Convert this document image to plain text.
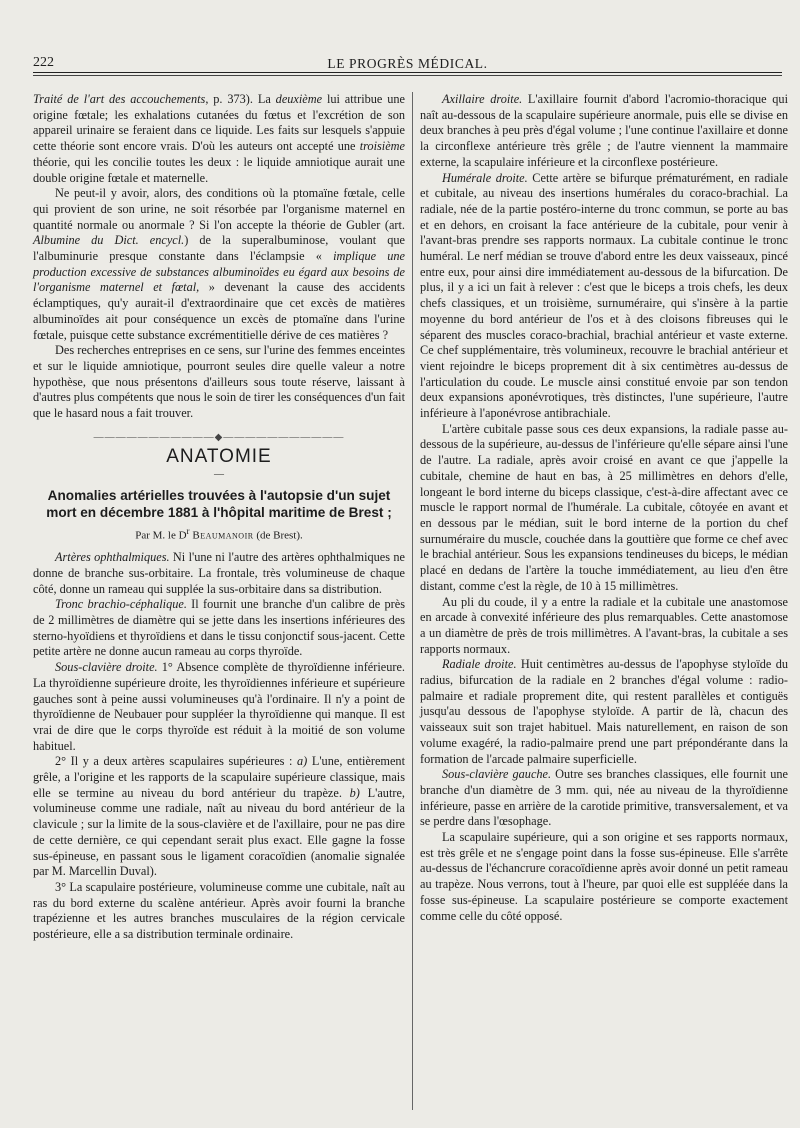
222	LE PROGRÈS MÉDICAL.

Traité de l'art des accouchements, p. 373). La deuxième lui attribue une origine fœtale; les exhalations cutanées du fœtus et l'excrétion de son appareil urinaire se feraient dans ce liquide. Les faits sur lesquels s'appuie cette théorie sont encore vrais. D'où les auteurs ont accepté une troisième théorie, qui les concilie toutes les deux : le liquide amniotique aurait une double origine fœtale et maternelle.

Ne peut-il y avoir, alors, des conditions où la ptomaïne fœtale, celle qui provient de son urine, ne soit résorbée par l'organisme maternel en quantité normale ou anormale ? Si l'on accepte la théorie de Gubler (art. Albumine du Dict. encycl.) de la superalbuminose, voulant que l'albuminurie presque constante dans l'éclampsie « implique une production excessive de substances albuminoïdes eu égard aux besoins de l'organisme maternel et fœtal, » devenant la cause des accidents éclamptiques, qu'y aurait-il d'extraordinaire que cet excès de matières albuminoïdes ait pour conséquence un excès de ptomaïne dans l'urine fœtale, puisque cette substance excrémentitielle dérive de ces matières ?

Des recherches entreprises en ce sens, sur l'urine des femmes enceintes et sur le liquide amniotique, pourront seules dire quelle valeur a notre hypothèse, que nous présentons d'ailleurs sous toute réserve, laissant à d'autres plus compétents que nous le soin de tirer les conséquences d'un fait que le hasard nous a fait trouver.

―――――――――――◆―――――――――――
ANATOMIE
—
Anomalies artérielles trouvées à l'autopsie d'un sujet mort en décembre 1881 à l'hôpital maritime de Brest ;
Par M. le $D^r$ Beaumanoir (de Brest).

Artères ophthalmiques. Ni l'une ni l'autre des artères ophthalmiques ne donne de branche sus-orbitaire. La frontale, très volumineuse de chaque côté, donne un rameau qui supplée la sus-orbitaire dans sa distribution.

Tronc brachio-céphalique. Il fournit une branche d'un calibre de près de 2 millimètres de diamètre qui se jette dans les insertions inférieures des sterno-hyoïdiens et thyroïdiens et dans le tissu conjonctif sous-jacent. Cette petite artère ne donne aucun rameau au corps thyroïde.

Sous-clavière droite. 1° Absence complète de thyroïdienne inférieure. La thyroïdienne supérieure droite, les thyroïdiennes inférieure et supérieure gauches sont à peine aussi volumineuses qu'à l'ordinaire. Il n'y a point de thyroïdienne de Neubauer pour suppléer la thyroïdienne qui manque. Il est vrai de dire que le corps thyroïde est réduit à la moitié de son volume habituel.

2° Il y a deux artères scapulaires supérieures : a) L'une, entièrement grêle, a l'origine et les rapports de la scapulaire supérieure classique, mais elle se termine au niveau du bord antérieur du trapèze. b) L'autre, volumineuse comme une radiale, naît au niveau du bord antérieur de la clavicule ; sur la limite de la sous-clavière et de l'axillaire, pour ne pas dire de cette dernière, ce qui cependant serait plus exact. Elle gagne la fosse sus-épineuse, en passant sous le ligament coracoïdien (anomalie signalée par M. Marcellin Duval).

3° La scapulaire postérieure, volumineuse comme une cubitale, naît au ras du bord externe du scalène antérieur. Après avoir fourni la branche trapézienne et les autres branches musculaires de la région cervicale postérieure, elle a sa distribution terminale ordinaire.

Axillaire droite. L'axillaire fournit d'abord l'acromio-thoracique qui naît au-dessous de la scapulaire supérieure anormale, puis elle se divise en deux branches à peu près d'égal volume ; l'une continue l'axillaire et donne la circonflexe antérieure très grêle ; de l'autre viennent la mammaire externe, la scapulaire inférieure et la circonflexe postérieure.

Humérale droite. Cette artère se bifurque prématurément, en radiale et cubitale, au niveau des insertions humérales du coraco-brachial. La radiale, née de la partie postéro-interne du tronc commun, se porte au bas et en dehors, en croisant la face antérieure de la cubitale, pour venir à l'avant-bras prendre ses rapports normaux. La cubitale continue le tronc huméral. Le nerf médian se trouve d'abord entre les deux vaisseaux, pincé entre eux, pour ainsi dire immédiatement au-dessous de la bifurcation. De plus, il y a ici un fait à relever : c'est que le biceps a trois chefs, les deux chefs classiques, et un troisième, surnuméraire, qui s'insère à la partie moyenne du bord antérieur de l'os et à des cloisons fibreuses qui le séparent des muscles coraco-brachial, brachial antérieur et vaste externe. Ce chef supplémentaire, très volumineux, recouvre le brachial antérieur et vient rejoindre le biceps proprement dit à six centimètres au-dessus de l'articulation du coude. Le muscle ainsi constitué envoie par son tendon deux expansions aponévrotiques, très distinctes, l'une supérieure, l'autre inférieure à l'aponévrose antibrachiale.

L'artère cubitale passe sous ces deux expansions, la radiale passe au-dessous de la supérieure, au-dessus de l'inférieure qu'elle sépare ainsi l'une de l'autre. La radiale, après avoir croisé en avant ce que j'appelle la cubitale, chemine de haut en bas, à 25 millimètres en dehors d'elle, longeant le bord interne du biceps classique, c'est-à-dire affectant avec ce muscle le rapport normal de l'humérale. La cubitale, côtoyée en avant et en dessous par le médian, suit le bord interne de la portion du chef surnuméraire du muscle, couchée dans la gouttière que forme ce chef avec le brachial antérieur. Sous les expansions tendineuses du biceps, le médian placé en dedans de l'artère la touche immédiatement, au lieu d'en être distant, comme c'est la règle, de 10 à 15 millimètres.

Au pli du coude, il y a entre la radiale et la cubitale une anastomose en arcade à convexité inférieure des plus remarquables. Cette anastomose a un diamètre de près de trois millimètres. A l'avant-bras, la cubitale a ses rapports normaux.

Radiale droite. Huit centimètres au-dessus de l'apophyse styloïde du radius, bifurcation de la radiale en 2 branches d'égal volume : radio-palmaire et radiale proprement dite, qui restent parallèles et contiguës jusqu'au dessous de l'apophyse styloïde. A partir de là, chacun des vaisseaux suit son trajet habituel. Mais naturellement, en raison de son volume exagéré, la radio-palmaire prend une part prépondérante dans la formation de l'arcade palmaire superficielle.

Sous-clavière gauche. Outre ses branches classiques, elle fournit une branche d'un diamètre de 3 mm. qui, née au niveau de la thyroïdienne inférieure, passe en arrière de la carotide primitive, transversalement, et va se perdre dans l'œsophage.

La scapulaire supérieure, qui a son origine et ses rapports normaux, est très grêle et ne s'engage point dans la fosse sus-épineuse. Elle s'arrête au-dessus de l'échancrure coracoïdienne après avoir donné un petit rameau au trapèze. Nous verrons, tout à l'heure, par quoi elle est suppléée dans la fosse sus-épineuse. La scapulaire postérieure se comporte exactement comme celle du côté opposé.
